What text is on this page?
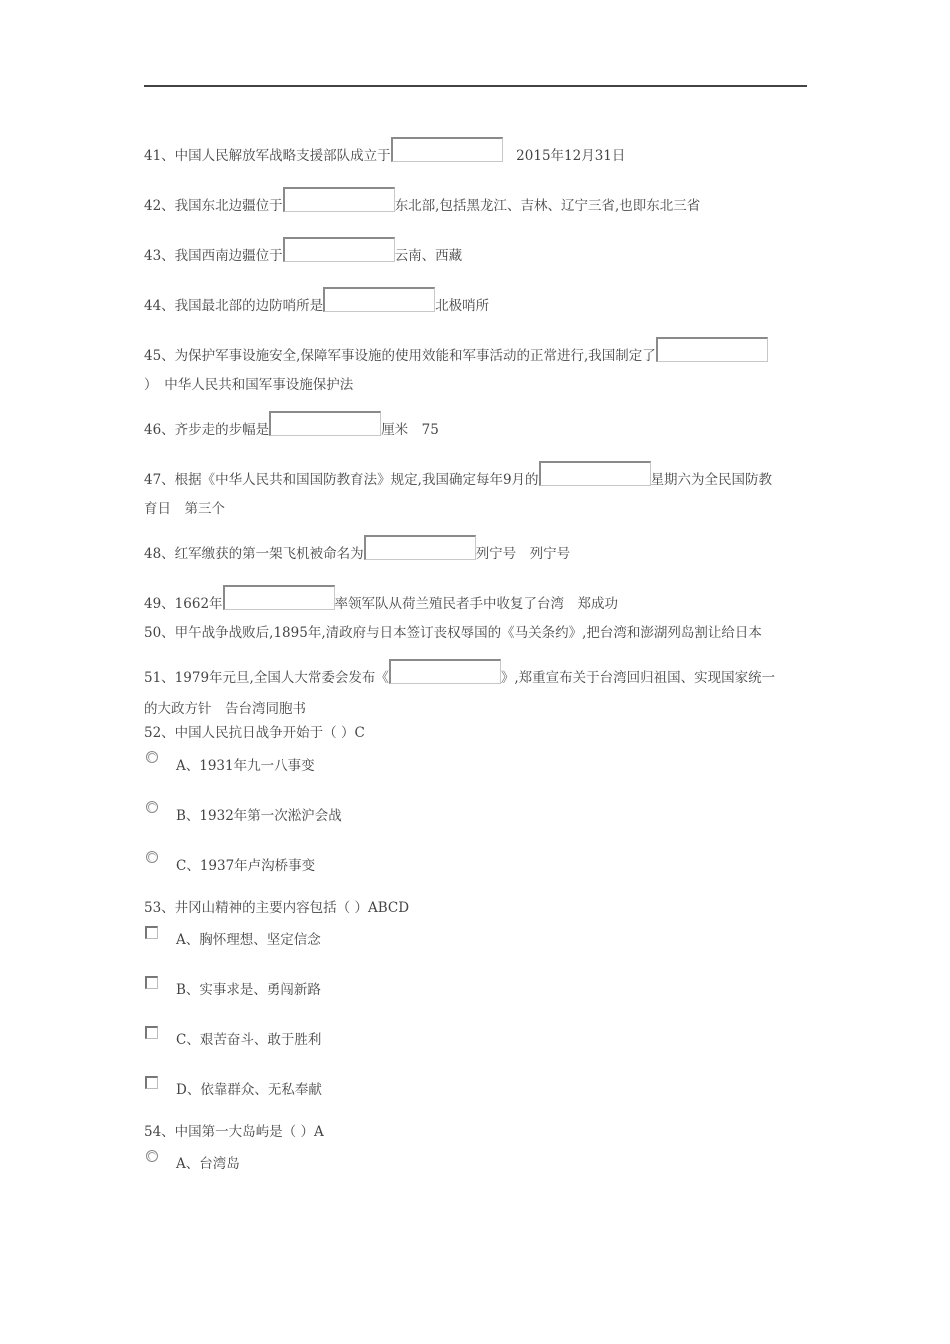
41、中国人民解放军战略支援部队成立于	　2015年12月31日
42、我国东北边疆位于	东北部,包括黑龙江、吉林、辽宁三省,也即东北三省
43、我国西南边疆位于	云南、西藏
44、我国最北部的边防哨所是	北极哨所
45、为保护军事设施安全,保障军事设施的使用效能和军事活动的正常进行,我国制定了
）　中华人民共和国军事设施保护法
46、齐步走的步幅是	厘米　75
47、根据《中华人民共和国国防教育法》规定,我国确定每年9月的	星期六为全民国防教
育日　第三个
48、红军缴获的第一架飞机被命名为	列宁号　列宁号
49、1662年	率领军队从荷兰殖民者手中收复了台湾　郑成功
50、甲午战争战败后,1895年,清政府与日本签订丧权辱国的《马关条约》,把台湾和澎湖列岛割让给日本
51、1979年元旦,全国人大常委会发布《	》,郑重宣布关于台湾回归祖国、实现国家统一
的大政方针　告台湾同胞书
52、中国人民抗日战争开始于（ ）C
A、1931年九一八事变
B、1932年第一次淞沪会战
C、1937年卢沟桥事变
53、井冈山精神的主要内容包括（ ）ABCD
A、胸怀理想、坚定信念
B、实事求是、勇闯新路
C、艰苦奋斗、敢于胜利
D、依靠群众、无私奉献
54、中国第一大岛屿是（ ）A
A、台湾岛
